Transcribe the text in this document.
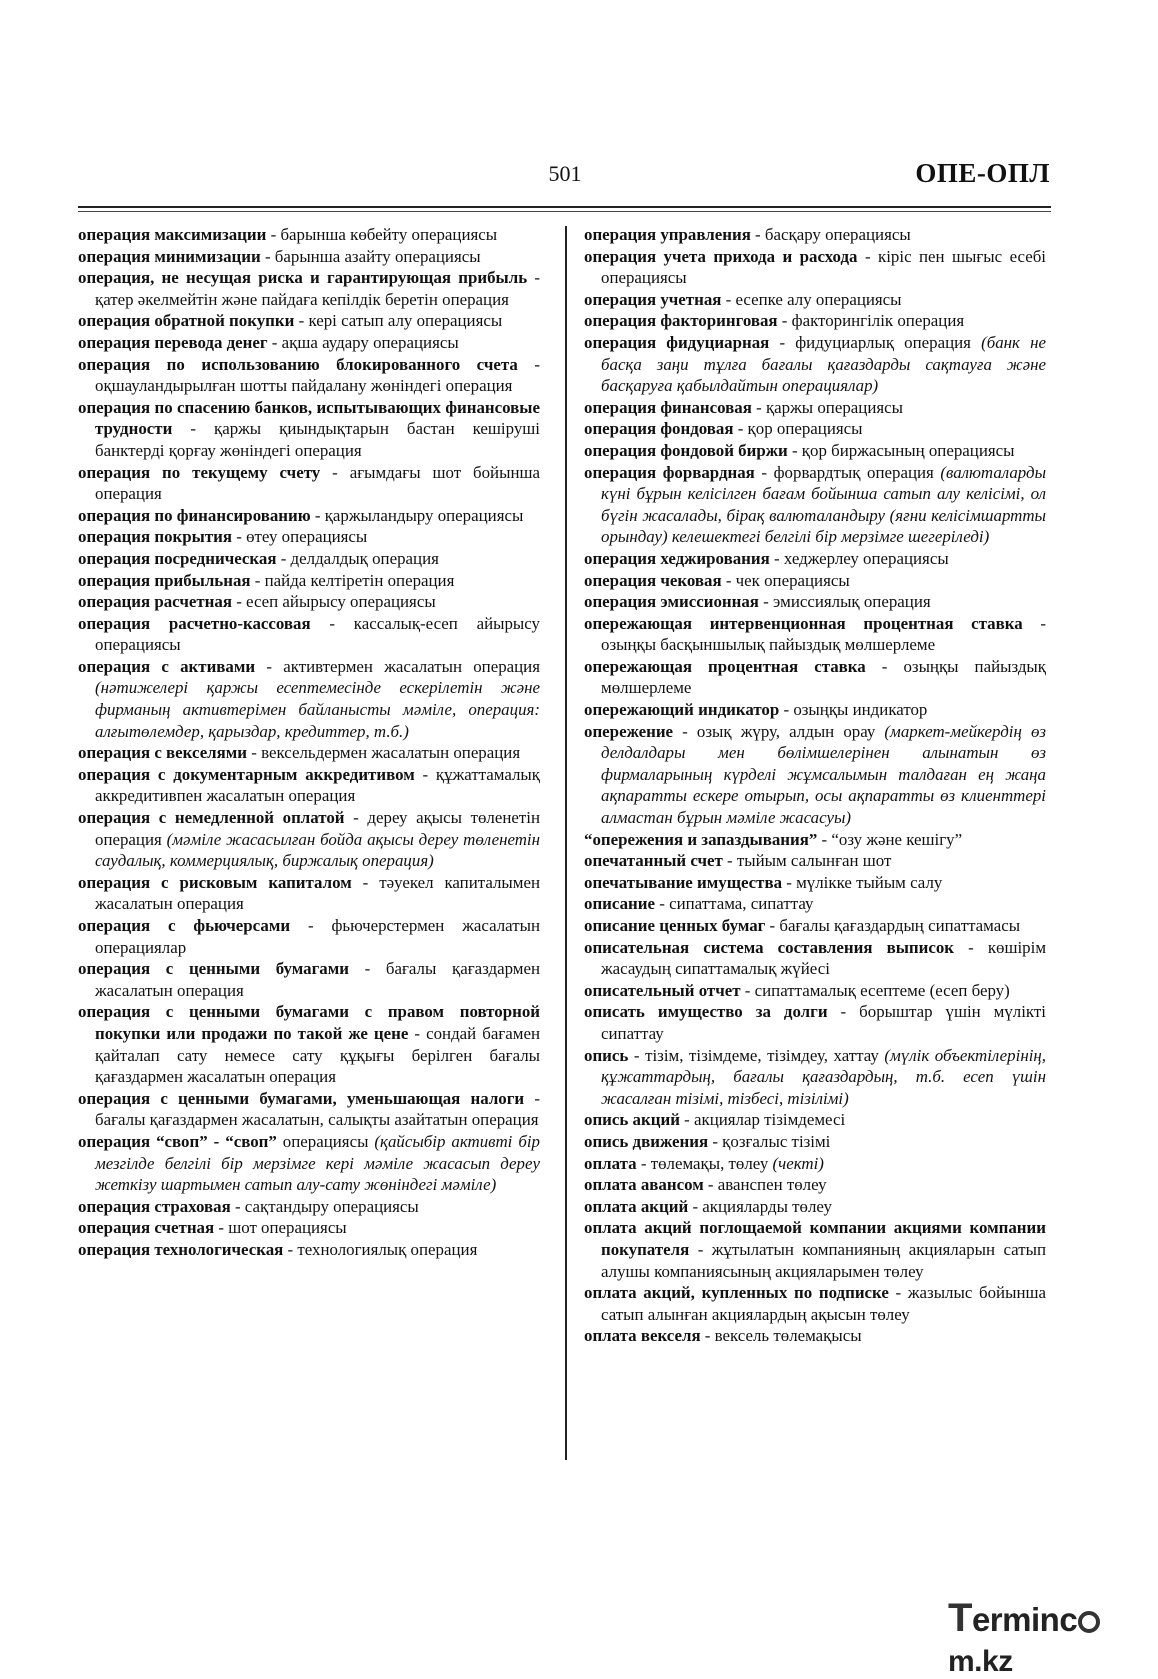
501	ОПЕ-ОПЛ
операция максимизации - барынша көбейту операциясы
операция минимизации - барынша азайту операциясы
операция, не несущая риска и гарантирующая прибыль - қатер әкелмейтін және пайдаға кепілдік беретін операция
операция обратной покупки - кері сатып алу операциясы
операция перевода денег - ақша аудару операциясы
операция по использованию блокированного счета - оқшауландырылған шотты пайдалану жөніндегі операция
операция по спасению банков, испытывающих финансовые трудности - қаржы қиындықтарын бастан кешіруші банктерді қорғау жөніндегі операция
операция по текущему счету - ағымдағы шот бойынша операция
операция по финансированию - қаржыландыру операциясы
операция покрытия - өтеу операциясы
операция посредническая - делдалдық операция
операция прибыльная - пайда келтіретін операция
операция расчетная - есеп айырысу операциясы
операция расчетно-кассовая - кассалық-есеп айырысу операциясы
операция с активами - активтермен жасалатын операция (нәтижелері қаржы есептемесінде ескерілетін және фирманың активтерімен байланысты мәміле, операция: алғытөлемдер, қарыздар, кредиттер, т.б.)
операция с векселями - вексельдермен жасалатын операция
операция с документарным аккредитивом - құжаттамалық аккредитивпен жасалатын операция
операция с немедленной оплатой - дереу ақысы төленетін операция (мәміле жасасылған бойда ақысы дереу төленетін саудалық, коммерциялық, биржалық операция)
операция с рисковым капиталом - тәуекел капиталымен жасалатын операция
операция с фьючерсами - фьючерстермен жасалатын операциялар
операция с ценными бумагами - бағалы қағаздармен жасалатын операция
операция с ценными бумагами с правом повторной покупки или продажи по такой же цене - сондай бағамен қайталап сату немесе сату құқығы берілген бағалы қағаздармен жасалатын операция
операция с ценными бумагами, уменьшающая налоги - бағалы қағаздармен жасалатын, салықты азайтатын операция
операция “своп” - “своп” операциясы (қайсыбір активті бір мезгілде белгілі бір мерзімге кері мәміле жасасып дереу жеткізу шартымен сатып алу-сату жөніндегі мәміле)
операция страховая - сақтандыру операциясы
операция счетная - шот операциясы
операция технологическая - технологиялық операция
операция управления - басқару операциясы
операция учета прихода и расхода - кіріс пен шығыс есебі операциясы
операция учетная - есепке алу операциясы
операция факторинговая - факторингілік операция
операция фидуциарная - фидуциарлық операция (банк не басқа заңи тұлға бағалы қағаздарды сақтауға және басқаруға қабылдайтын операциялар)
операция финансовая - қаржы операциясы
операция фондовая - қор операциясы
операция фондовой биржи - қор биржасының операциясы
операция форвардная - форвардтық операция (валюталарды күні бұрын келісілген бағам бойынша сатып алу келісімі, ол бүгін жасалады, бірақ валюталандыру (яғни келісімшартты орындау) келешектегі белгілі бір мерзімге шегеріледі)
операция хеджирования - хеджерлеу операциясы
операция чековая - чек операциясы
операция эмиссионная - эмиссиялық операция
опережающая интервенционная процентная ставка - озыңқы басқыншылық пайыздық мөлшерлеме
опережающая процентная ставка - озыңқы пайыздық мөлшерлеме
опережающий индикатор - озыңқы индикатор
опережение - озық жүру, алдын орау (маркет-мейкердің өз делдалдары мен бөлімшелерінен алынатын өз фирмаларының күрделі жұмсалымын талдаған ең жаңа ақпаратты ескере отырып, осы ақпаратты өз клиенттері алмастан бұрын мәміле жасасуы)
“опережения и запаздывания” - “озу және кешігу”
опечатанный счет - тыйым салынған шот
опечатывание имущества - мүлікке тыйым салу
описание - сипаттама, сипаттау
описание ценных бумаг - бағалы қағаздардың сипаттамасы
описательная система составления выписок - көшірім жасаудың сипаттамалық жүйесі
описательный отчет - сипаттамалық есептеме (есеп беру)
описать имущество за долги - борыштар үшін мүлікті сипаттау
опись - тізім, тізімдеме, тізімдеу, хаттау (мүлік объектілерінің, құжаттардың, бағалы қағаздардың, т.б. есеп үшін жасалған тізімі, тізбесі, тізілімі)
опись акций - акциялар тізімдемесі
опись движения - қозғалыс тізімі
оплата - төлемақы, төлеу (чекті)
оплата авансом - аванспен төлеу
оплата акций - акцияларды төлеу
оплата акций поглощаемой компании акциями компании покупателя - жұтылатын компанияның акцияларын сатып алушы компаниясының акцияларымен төлеу
оплата акций, купленных по подписке - жазылыс бойынша сатып алынған акциялардың ақысын төлеу
оплата векселя - вексель төлемақысы
Termincm.kz
